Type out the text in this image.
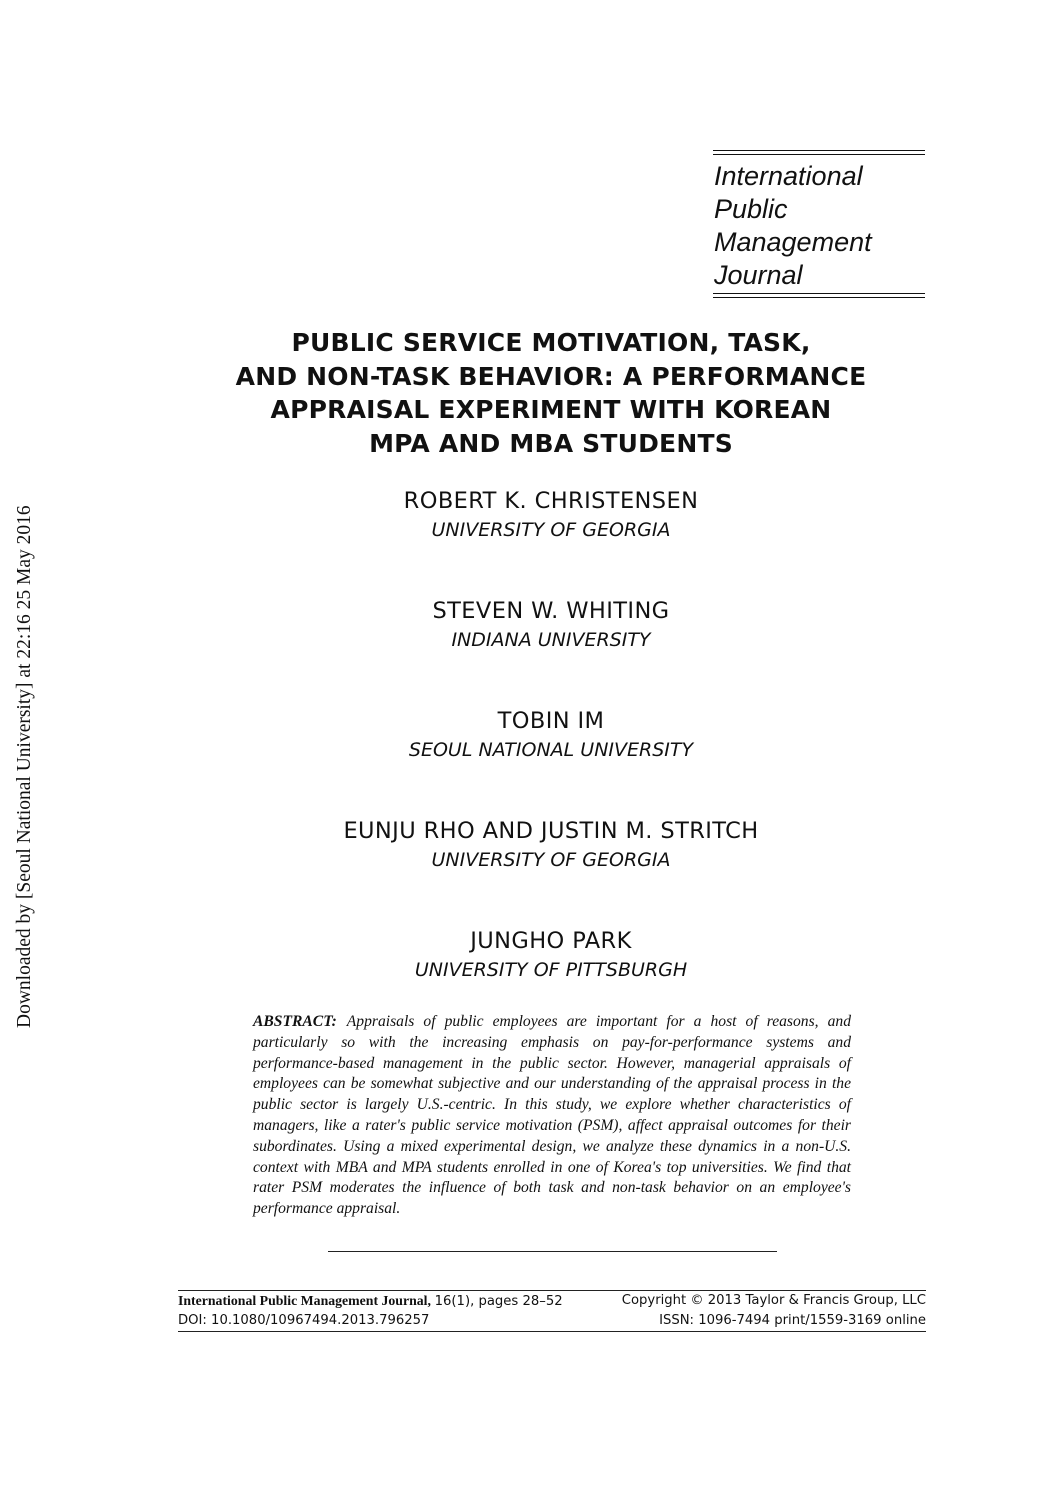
Downloaded by [Seoul National University] at 22:16 25 May 2016
International
Public
Management
Journal
PUBLIC SERVICE MOTIVATION, TASK,
AND NON-TASK BEHAVIOR: A PERFORMANCE
APPRAISAL EXPERIMENT WITH KOREAN
MPA AND MBA STUDENTS
ROBERT K. CHRISTENSEN
UNIVERSITY OF GEORGIA
STEVEN W. WHITING
INDIANA UNIVERSITY
TOBIN IM
SEOUL NATIONAL UNIVERSITY
EUNJU RHO AND JUSTIN M. STRITCH
UNIVERSITY OF GEORGIA
JUNGHO PARK
UNIVERSITY OF PITTSBURGH
ABSTRACT: Appraisals of public employees are important for a host of reasons, and particularly so with the increasing emphasis on pay-for-performance systems and performance-based management in the public sector. However, managerial appraisals of employees can be somewhat subjective and our understanding of the appraisal process in the public sector is largely U.S.-centric. In this study, we explore whether characteristics of managers, like a rater's public service motivation (PSM), affect appraisal outcomes for their subordinates. Using a mixed experimental design, we analyze these dynamics in a non-U.S. context with MBA and MPA students enrolled in one of Korea's top universities. We find that rater PSM moderates the influence of both task and non-task behavior on an employee's performance appraisal.
International Public Management Journal, 16(1), pages 28–52	Copyright © 2013 Taylor & Francis Group, LLC
DOI: 10.1080/10967494.2013.796257	ISSN: 1096-7494 print/1559-3169 online
